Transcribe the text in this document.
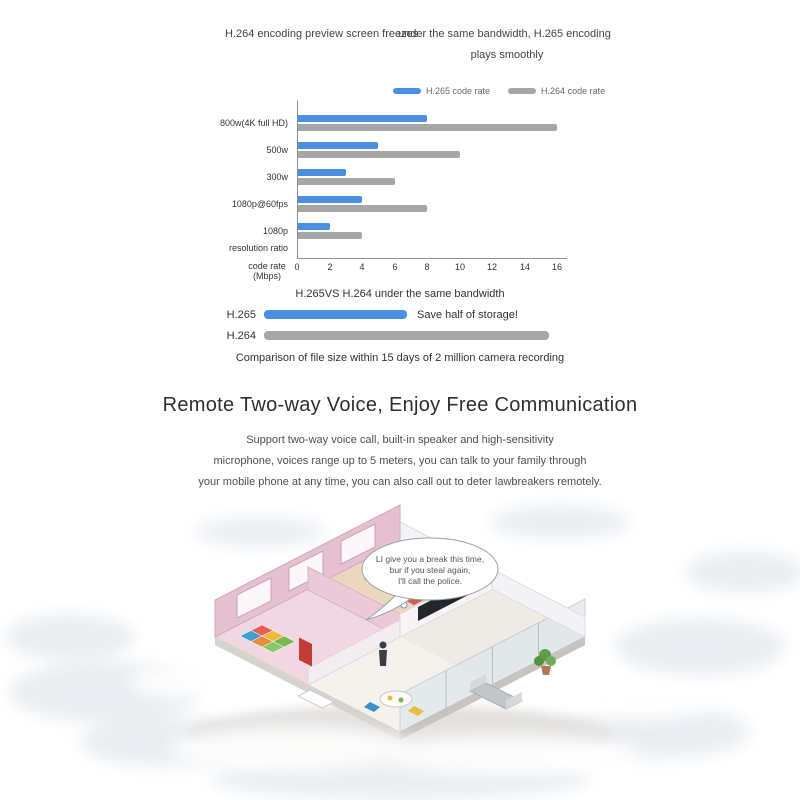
H.264 encoding preview screen freezes
under the same bandwidth, H.265 encoding
plays smoothly
H.265 code rate	H.264 code rate
800w(4K full HD)
500w
300w
1080p@60fps
1080p
resolution ratio
code rate
(Mbps)
0	2	4	6	8	10 12	14 16
H.265VS H.264 under the same bandwidth
H.265	Save half of storage!
H.264
Comparison of file size within 15 days of 2 million camera recording
Remote Two-way Voice, Enjoy Free Communication
Support two-way voice call, built-in speaker and high-sensitivity
microphone, voices range up to 5 meters, you can talk to your family through
your mobile phone at any time, you can also call out to deter lawbreakers remotely.
LI give you a break this time,
bur if you steal again,
I'll call the police.
